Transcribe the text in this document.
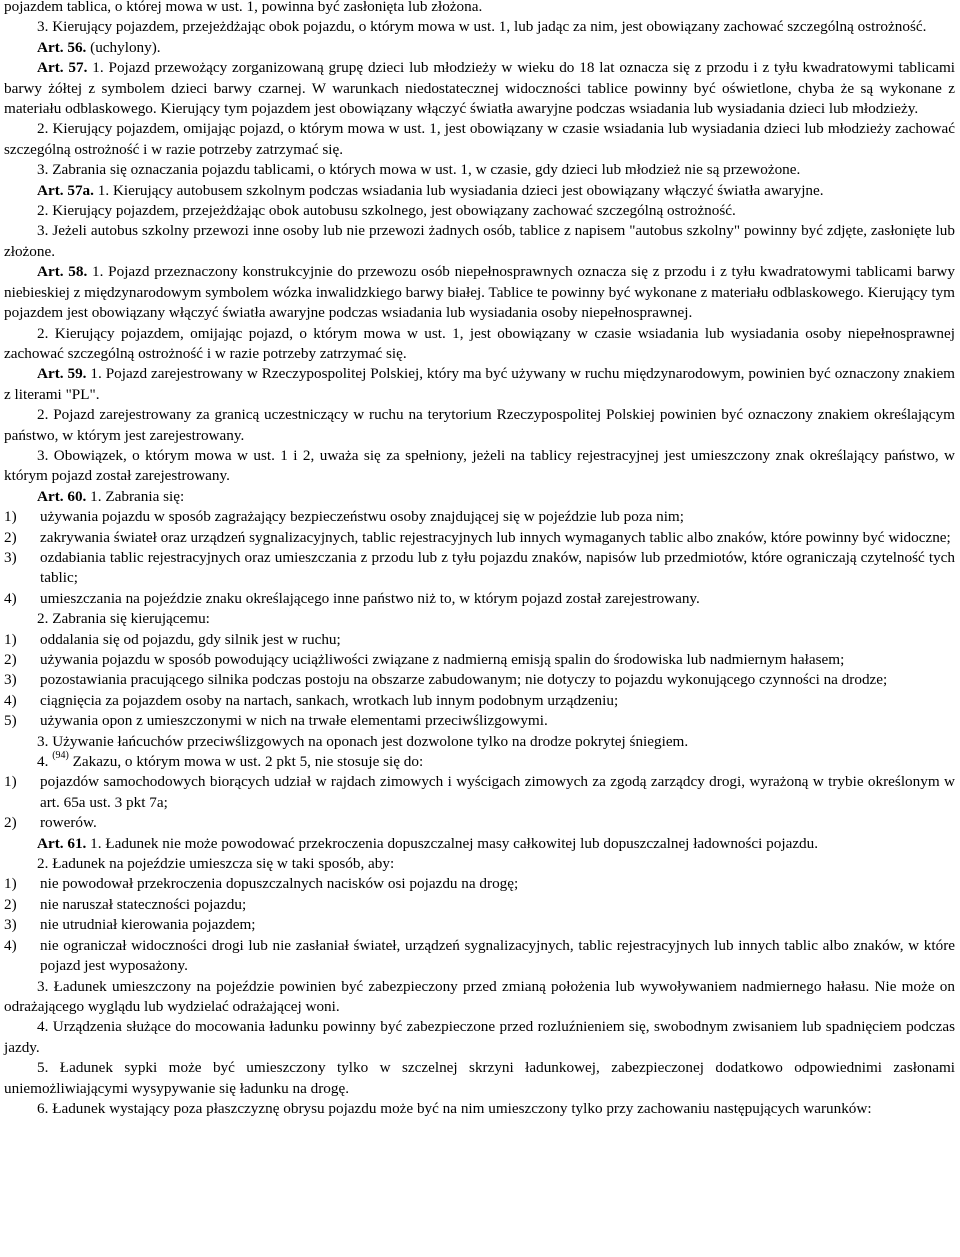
pojazdem tablica, o której mowa w ust. 1, powinna być zasłonięta lub złożona.

3. Kierujący pojazdem, przejeżdżając obok pojazdu, o którym mowa w ust. 1, lub jadąc za nim, jest obowiązany zachować szczególną ostrożność.

Art. 56. (uchylony).

Art. 57. 1. Pojazd przewożący zorganizowaną grupę dzieci lub młodzieży w wieku do 18 lat oznacza się z przodu i z tyłu kwadratowymi tablicami barwy żółtej z symbolem dzieci barwy czarnej. W warunkach niedostatecznej widoczności tablice powinny być oświetlone, chyba że są wykonane z materiału odblaskowego. Kierujący tym pojazdem jest obowiązany włączyć światła awaryjne podczas wsiadania lub wysiadania dzieci lub młodzieży.

2. Kierujący pojazdem, omijając pojazd, o którym mowa w ust. 1, jest obowiązany w czasie wsiadania lub wysiadania dzieci lub młodzieży zachować szczególną ostrożność i w razie potrzeby zatrzymać się.

3. Zabrania się oznaczania pojazdu tablicami, o których mowa w ust. 1, w czasie, gdy dzieci lub młodzież nie są przewożone.

Art. 57a. 1. Kierujący autobusem szkolnym podczas wsiadania lub wysiadania dzieci jest obowiązany włączyć światła awaryjne.

2. Kierujący pojazdem, przejeżdżając obok autobusu szkolnego, jest obowiązany zachować szczególną ostrożność.

3. Jeżeli autobus szkolny przewozi inne osoby lub nie przewozi żadnych osób, tablice z napisem "autobus szkolny" powinny być zdjęte, zasłonięte lub złożone.

Art. 58. 1. Pojazd przeznaczony konstrukcyjnie do przewozu osób niepełnosprawnych oznacza się z przodu i z tyłu kwadratowymi tablicami barwy niebieskiej z międzynarodowym symbolem wózka inwalidzkiego barwy białej. Tablice te powinny być wykonane z materiału odblaskowego. Kierujący tym pojazdem jest obowiązany włączyć światła awaryjne podczas wsiadania lub wysiadania osoby niepełnosprawnej.

2. Kierujący pojazdem, omijając pojazd, o którym mowa w ust. 1, jest obowiązany w czasie wsiadania lub wysiadania osoby niepełnosprawnej zachować szczególną ostrożność i w razie potrzeby zatrzymać się.

Art. 59. 1. Pojazd zarejestrowany w Rzeczypospolitej Polskiej, który ma być używany w ruchu międzynarodowym, powinien być oznaczony znakiem z literami "PL".

2. Pojazd zarejestrowany za granicą uczestniczący w ruchu na terytorium Rzeczypospolitej Polskiej powinien być oznaczony znakiem określającym państwo, w którym jest zarejestrowany.

3. Obowiązek, o którym mowa w ust. 1 i 2, uważa się za spełniony, jeżeli na tablicy rejestracyjnej jest umieszczony znak określający państwo, w którym pojazd został zarejestrowany.

Art. 60. 1. Zabrania się:

1)	używania pojazdu w sposób zagrażający bezpieczeństwu osoby znajdującej się w pojeździe lub poza nim;
2)	zakrywania świateł oraz urządzeń sygnalizacyjnych, tablic rejestracyjnych lub innych wymaganych tablic albo znaków, które powinny być widoczne;
3)	ozdabiania tablic rejestracyjnych oraz umieszczania z przodu lub z tyłu pojazdu znaków, napisów lub przedmiotów, które ograniczają czytelność tych tablic;
4)	umieszczania na pojeździe znaku określającego inne państwo niż to, w którym pojazd został zarejestrowany.

2. Zabrania się kierującemu:

1)	oddalania się od pojazdu, gdy silnik jest w ruchu;
2)	używania pojazdu w sposób powodujący uciążliwości związane z nadmierną emisją spalin do środowiska lub nadmiernym hałasem;
3)	pozostawiania pracującego silnika podczas postoju na obszarze zabudowanym; nie dotyczy to pojazdu wykonującego czynności na drodze;
4)	ciągnięcia za pojazdem osoby na nartach, sankach, wrotkach lub innym podobnym urządzeniu;
5)	używania opon z umieszczonymi w nich na trwałe elementami przeciwślizgowymi.

3. Używanie łańcuchów przeciwślizgowych na oponach jest dozwolone tylko na drodze pokrytej śniegiem.

4. $^{(94)}$ Zakazu, o którym mowa w ust. 2 pkt 5, nie stosuje się do:

1)	pojazdów samochodowych biorących udział w rajdach zimowych i wyścigach zimowych za zgodą zarządcy drogi, wyrażoną w trybie określonym w art. 65a ust. 3 pkt 7a;
2)	rowerów.

Art. 61. 1. Ładunek nie może powodować przekroczenia dopuszczalnej masy całkowitej lub dopuszczalnej ładowności pojazdu.

2. Ładunek na pojeździe umieszcza się w taki sposób, aby:

1)	nie powodował przekroczenia dopuszczalnych nacisków osi pojazdu na drogę;
2)	nie naruszał stateczności pojazdu;
3)	nie utrudniał kierowania pojazdem;
4)	nie ograniczał widoczności drogi lub nie zasłaniał świateł, urządzeń sygnalizacyjnych, tablic rejestracyjnych lub innych tablic albo znaków, w które pojazd jest wyposażony.

3. Ładunek umieszczony na pojeździe powinien być zabezpieczony przed zmianą położenia lub wywoływaniem nadmiernego hałasu. Nie może on odrażającego wyglądu lub wydzielać odrażającej woni.

4. Urządzenia służące do mocowania ładunku powinny być zabezpieczone przed rozluźnieniem się, swobodnym zwisaniem lub spadnięciem podczas jazdy.

5. Ładunek sypki może być umieszczony tylko w szczelnej skrzyni ładunkowej, zabezpieczonej dodatkowo odpowiednimi zasłonami uniemożliwiającymi wysypywanie się ładunku na drogę.

6. Ładunek wystający poza płaszczyznę obrysu pojazdu może być na nim umieszczony tylko przy zachowaniu następujących warunków:
